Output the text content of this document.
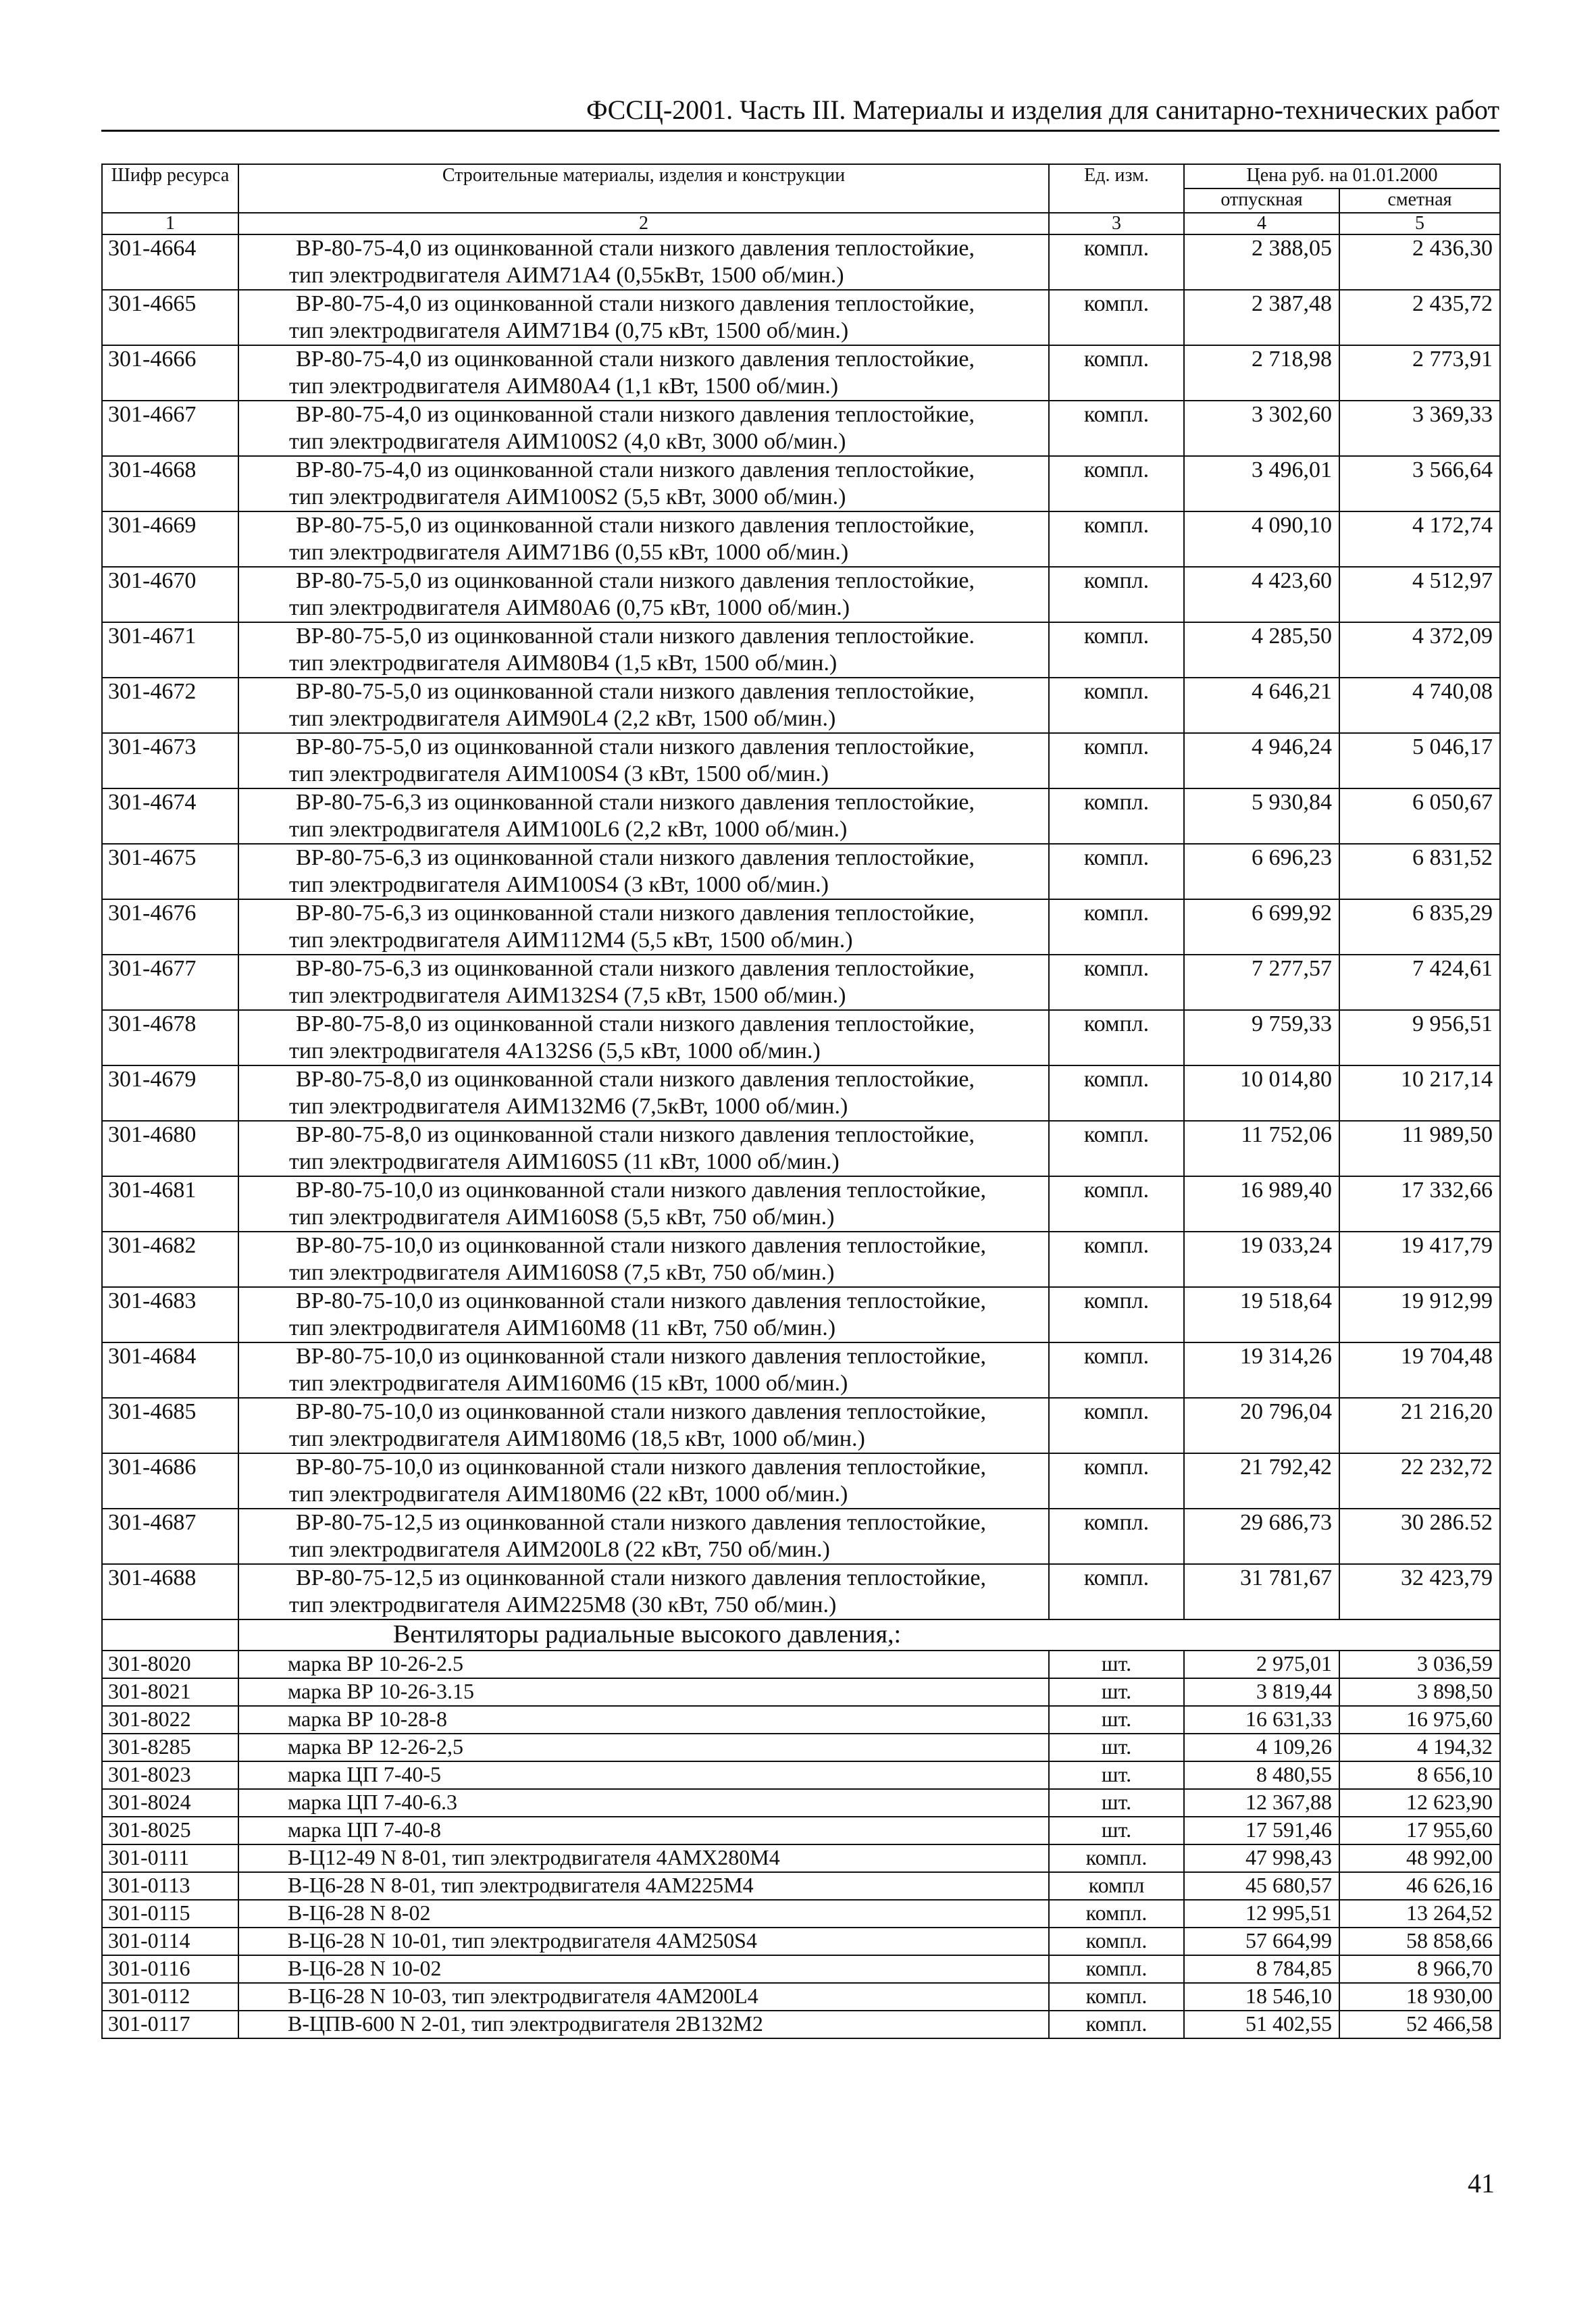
ФССЦ-2001. Часть III. Материалы и изделия для санитарно-технических работ
Шифр ресурса	Строительные материалы, изделия и конструкции	Ед. изм.	Цена руб. на 01.01.2000	
			отпускная	сметная
1	2	3	4	5
301-4664	ВР-80-75-4,0 из оцинкованной стали низкого давления теплостойкие,
тип электродвигателя АИМ71А4 (0,55кВт, 1500 об/мин.)	компл.	2 388,05	2 436,30
301-4665	ВР-80-75-4,0 из оцинкованной стали низкого давления теплостойкие,
тип электродвигателя АИМ71В4 (0,75 кВт, 1500 об/мин.)	компл.	2 387,48	2 435,72
301-4666	ВР-80-75-4,0 из оцинкованной стали низкого давления теплостойкие,
тип электродвигателя АИМ80А4 (1,1 кВт, 1500 об/мин.)	компл.	2 718,98	2 773,91
301-4667	ВР-80-75-4,0 из оцинкованной стали низкого давления теплостойкие,
тип электродвигателя АИМ100S2 (4,0 кВт, 3000 об/мин.)	компл.	3 302,60	3 369,33
301-4668	ВР-80-75-4,0 из оцинкованной стали низкого давления теплостойкие,
тип электродвигателя АИМ100S2 (5,5 кВт, 3000 об/мин.)	компл.	3 496,01	3 566,64
301-4669	ВР-80-75-5,0 из оцинкованной стали низкого давления теплостойкие,
тип электродвигателя АИМ71В6 (0,55 кВт, 1000 об/мин.)	компл.	4 090,10	4 172,74
301-4670	ВР-80-75-5,0 из оцинкованной стали низкого давления теплостойкие,
тип электродвигателя АИМ80А6 (0,75 кВт, 1000 об/мин.)	компл.	4 423,60	4 512,97
301-4671	ВР-80-75-5,0 из оцинкованной стали низкого давления теплостойкие.
тип электродвигателя АИМ80В4 (1,5 кВт, 1500 об/мин.)	компл.	4 285,50	4 372,09
301-4672	ВР-80-75-5,0 из оцинкованной стали низкого давления теплостойкие,
тип электродвигателя АИМ90L4 (2,2 кВт, 1500 об/мин.)	компл.	4 646,21	4 740,08
301-4673	ВР-80-75-5,0 из оцинкованной стали низкого давления теплостойкие,
тип электродвигателя АИМ100S4 (3 кВт, 1500 об/мин.)	компл.	4 946,24	5 046,17
301-4674	ВР-80-75-6,3 из оцинкованной стали низкого давления теплостойкие,
тип электродвигателя АИМ100L6 (2,2 кВт, 1000 об/мин.)	компл.	5 930,84	6 050,67
301-4675	ВР-80-75-6,3 из оцинкованной стали низкого давления теплостойкие,
тип электродвигателя АИМ100S4 (3 кВт, 1000 об/мин.)	компл.	6 696,23	6 831,52
301-4676	ВР-80-75-6,3 из оцинкованной стали низкого давления теплостойкие,
тип электродвигателя АИМ112М4 (5,5 кВт, 1500 об/мин.)	компл.	6 699,92	6 835,29
301-4677	ВР-80-75-6,3 из оцинкованной стали низкого давления теплостойкие,
тип электродвигателя АИМ132S4 (7,5 кВт, 1500 об/мин.)	компл.	7 277,57	7 424,61
301-4678	ВР-80-75-8,0 из оцинкованной стали низкого давления теплостойкие,
тип электродвигателя 4А132S6 (5,5 кВт, 1000 об/мин.)	компл.	9 759,33	9 956,51
301-4679	ВР-80-75-8,0 из оцинкованной стали низкого давления теплостойкие,
тип электродвигателя АИМ132М6 (7,5кВт, 1000 об/мин.)	компл.	10 014,80	10 217,14
301-4680	ВР-80-75-8,0 из оцинкованной стали низкого давления теплостойкие,
тип электродвигателя АИМ160S5 (11 кВт, 1000 об/мин.)	компл.	11 752,06	11 989,50
301-4681	ВР-80-75-10,0 из оцинкованной стали низкого давления теплостойкие,
тип электродвигателя АИМ160S8 (5,5 кВт, 750 об/мин.)	компл.	16 989,40	17 332,66
301-4682	ВР-80-75-10,0 из оцинкованной стали низкого давления теплостойкие,
тип электродвигателя АИМ160S8 (7,5 кВт, 750 об/мин.)	компл.	19 033,24	19 417,79
301-4683	ВР-80-75-10,0 из оцинкованной стали низкого давления теплостойкие,
тип электродвигателя АИМ160М8 (11 кВт, 750 об/мин.)	компл.	19 518,64	19 912,99
301-4684	ВР-80-75-10,0 из оцинкованной стали низкого давления теплостойкие,
тип электродвигателя АИМ160М6 (15 кВт, 1000 об/мин.)	компл.	19 314,26	19 704,48
301-4685	ВР-80-75-10,0 из оцинкованной стали низкого давления теплостойкие,
тип электродвигателя АИМ180М6 (18,5 кВт, 1000 об/мин.)	компл.	20 796,04	21 216,20
301-4686	ВР-80-75-10,0 из оцинкованной стали низкого давления теплостойкие,
тип электродвигателя АИМ180М6 (22 кВт, 1000 об/мин.)	компл.	21 792,42	22 232,72
301-4687	ВР-80-75-12,5 из оцинкованной стали низкого давления теплостойкие,
тип электродвигателя АИМ200L8 (22 кВт, 750 об/мин.)	компл.	29 686,73	30 286.52
301-4688	ВР-80-75-12,5 из оцинкованной стали низкого давления теплостойкие,
тип электродвигателя АИМ225М8 (30 кВт, 750 об/мин.)	компл.	31 781,67	32 423,79
	Вентиляторы радиальные высокого давления,:			
301-8020	марка ВР 10-26-2.5	шт.	2 975,01	3 036,59
301-8021	марка ВР 10-26-3.15	шт.	3 819,44	3 898,50
301-8022	марка ВР 10-28-8	шт.	16 631,33	16 975,60
301-8285	марка ВР 12-26-2,5	шт.	4 109,26	4 194,32
301-8023	марка ЦП 7-40-5	шт.	8 480,55	8 656,10
301-8024	марка ЦП 7-40-6.3	шт.	12 367,88	12 623,90
301-8025	марка ЦП 7-40-8	шт.	17 591,46	17 955,60
301-0111	В-Ц12-49 N 8-01, тип электродвигателя 4АМХ280М4	компл.	47 998,43	48 992,00
301-0113	В-Ц6-28 N 8-01, тип электродвигателя 4АМ225М4	компл	45 680,57	46 626,16
301-0115	В-Ц6-28 N 8-02	компл.	12 995,51	13 264,52
301-0114	В-Ц6-28 N 10-01, тип электродвигателя 4АМ250S4	компл.	57 664,99	58 858,66
301-0116	В-Ц6-28 N 10-02	компл.	8 784,85	8 966,70
301-0112	В-Ц6-28 N 10-03, тип электродвигателя 4АМ200L4	компл.	18 546,10	18 930,00
301-0117	В-ЦПВ-600 N 2-01, тип электродвигателя 2В132М2	компл.	51 402,55	52 466,58
41
